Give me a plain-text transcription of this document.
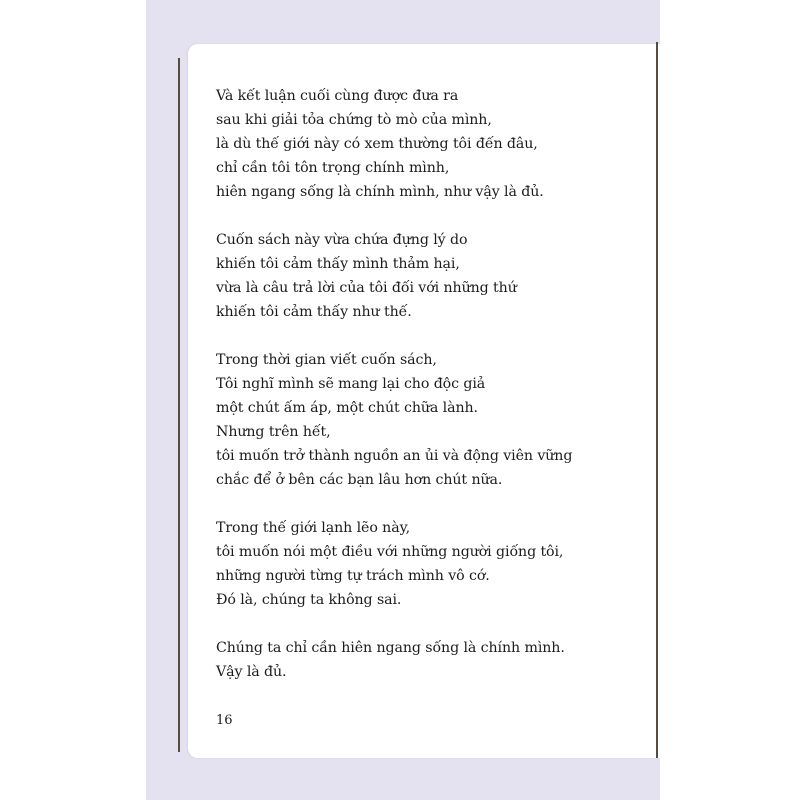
Và kết luận cuối cùng được đưa ra
sau khi giải tỏa chứng tò mò của mình,
là dù thế giới này có xem thường tôi đến đâu,
chỉ cần tôi tôn trọng chính mình,
hiên ngang sống là chính mình, như vậy là đủ.
Cuốn sách này vừa chứa đựng lý do
khiến tôi cảm thấy mình thảm hại,
vừa là câu trả lời của tôi đối với những thứ
khiến tôi cảm thấy như thế.
Trong thời gian viết cuốn sách,
Tôi nghĩ mình sẽ mang lại cho độc giả
một chút ấm áp, một chút chữa lành.
Nhưng trên hết,
tôi muốn trở thành nguồn an ủi và động viên vững
chắc để ở bên các bạn lâu hơn chút nữa.
Trong thế giới lạnh lẽo này,
tôi muốn nói một điều với những người giống tôi,
những người từng tự trách mình vô cớ.
Đó là, chúng ta không sai.
Chúng ta chỉ cần hiên ngang sống là chính mình.
Vậy là đủ.
16
